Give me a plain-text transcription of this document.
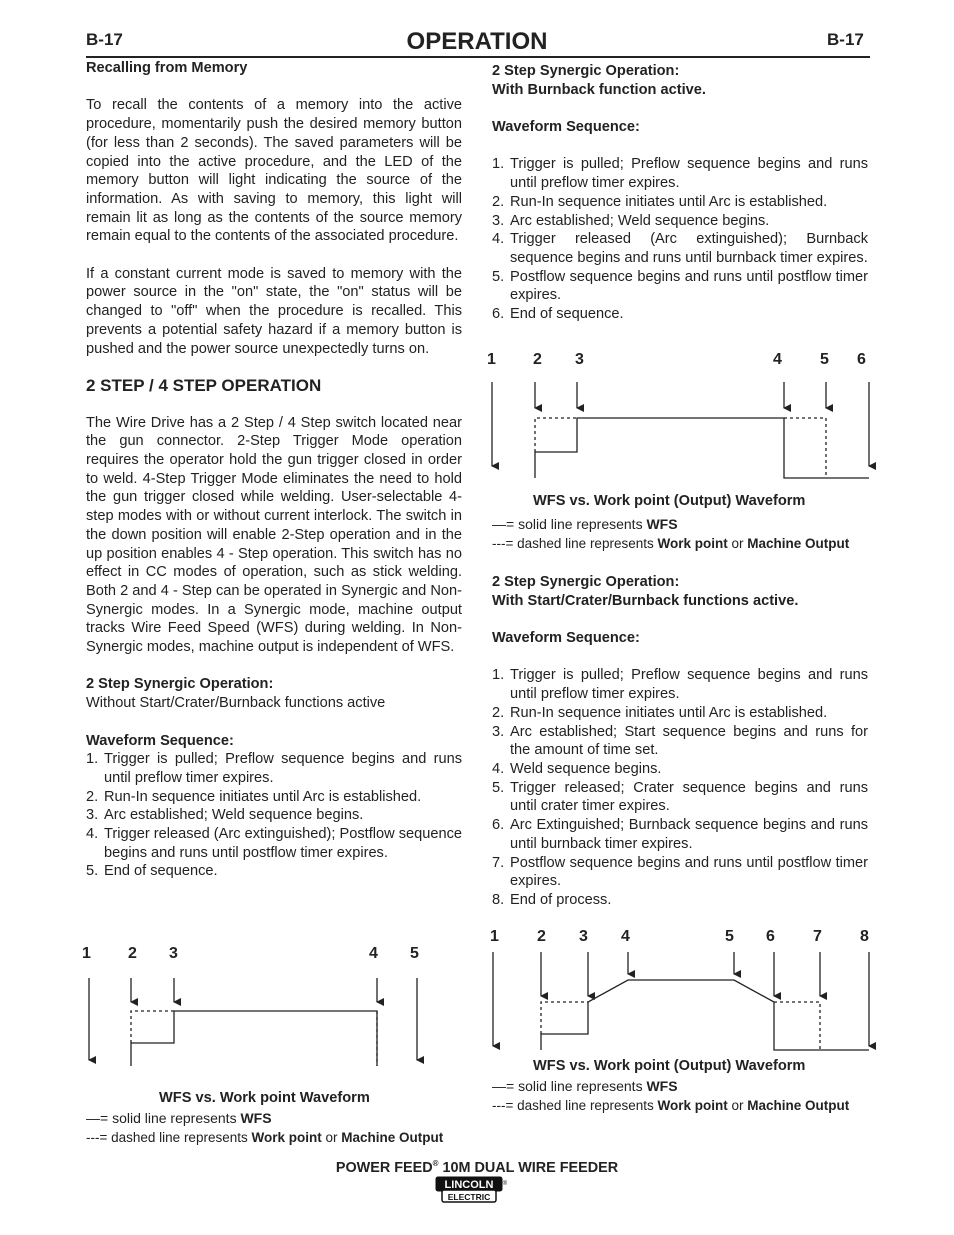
B-17	OPERATION	B-17

Recalling from Memory

To recall the contents of a memory into the active procedure, momentarily push the desired memory button (for less than 2 seconds). The saved parameters will be copied into the active procedure, and the LED of the memory button will light indicating the source of the information. As with saving to memory, this light will remain lit as long as the contents of the source memory remain equal to the contents of the associated procedure.

If a constant current mode is saved to memory with the power source in the "on" state, the "on" status will be changed to "off" when the procedure is recalled. This prevents a potential safety hazard if a memory button is pushed and the power source unexpectedly turns on.

2 STEP / 4 STEP OPERATION

The Wire Drive has a 2 Step / 4 Step switch located near the gun connector. 2-Step Trigger Mode operation requires the operator hold the gun trigger closed in order to weld. 4-Step Trigger Mode eliminates the need to hold the gun trigger closed while welding. User-selectable 4-step modes with or without current interlock. The switch in the down position will enable 2-Step operation and in the up position enables 4 - Step operation. This switch has no effect in CC modes of operation, such as stick welding. Both 2 and 4 - Step can be operated in Synergic and Non-Synergic modes. In a Synergic mode, machine output tracks Wire Feed Speed (WFS) during welding. In Non-Synergic modes, machine output is independent of WFS.

2 Step Synergic Operation:

Without Start/Crater/Burnback functions active

Waveform Sequence:

1. Trigger is pulled; Preflow sequence begins and runs until preflow timer expires.
2. Run-In sequence initiates until Arc is established.
3. Arc established; Weld sequence begins.
4. Trigger released (Arc extinguished); Postflow sequence begins and runs until postflow timer expires.
5. End of sequence.
1 2 3	4 5
WFS vs. Work point Waveform
—= solid line represents WFS
---= dashed line represents Work point or Machine Output

2 Step Synergic Operation:

With Burnback function active.

Waveform Sequence:

1. Trigger is pulled; Preflow sequence begins and runs until preflow timer expires.
2. Run-In sequence initiates until Arc is established.
3. Arc established; Weld sequence begins.
4. Trigger released (Arc extinguished); Burnback sequence begins and runs until burnback timer expires.
5. Postflow sequence begins and runs until postflow timer expires.
6. End of sequence.
1 2 3	4 5 6
WFS vs. Work point (Output) Waveform
—= solid line represents WFS
---= dashed line represents Work point or Machine Output

2 Step Synergic Operation:

With Start/Crater/Burnback functions active.

Waveform Sequence:

1. Trigger is pulled; Preflow sequence begins and runs until preflow timer expires.
2. Run-In sequence initiates until Arc is established.
3. Arc established; Start sequence begins and runs for the amount of time set.
4. Weld sequence begins.
5. Trigger released; Crater sequence begins and runs until crater timer expires.
6. Arc Extinguished; Burnback sequence begins and runs until burnback timer expires.
7. Postflow sequence begins and runs until postflow timer expires.
8. End of process.
1 2 3 4	5 6 7 8
WFS vs. Work point (Output) Waveform
—= solid line represents WFS
---= dashed line represents Work point or Machine Output
POWER FEED® 10M DUAL WIRE FEEDER
LINCOLN
ELECTRIC
®
